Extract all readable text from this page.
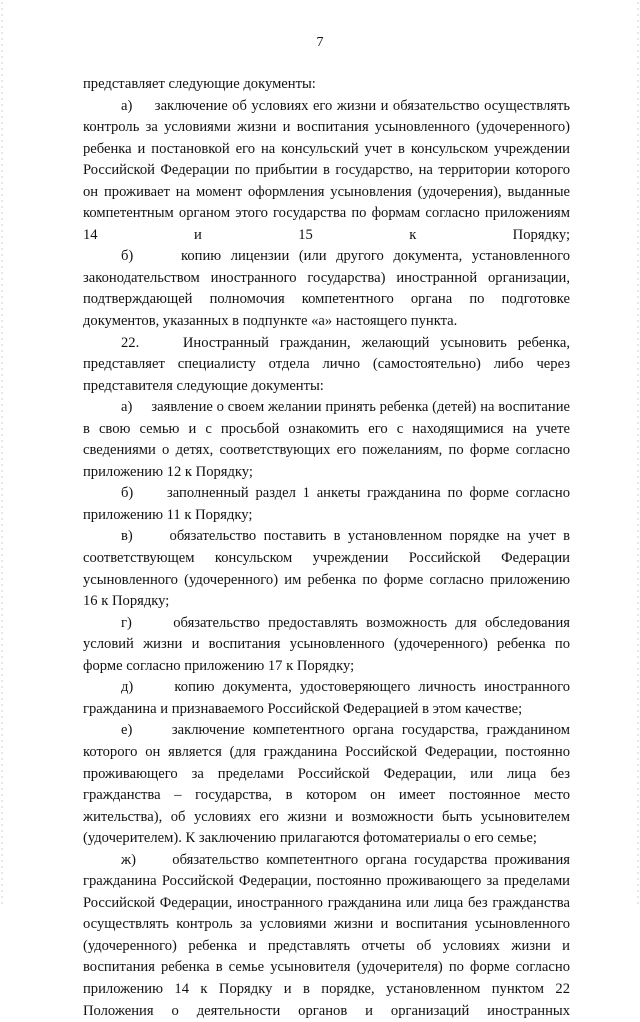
7

представляет следующие документы:

а)     заключение об условиях его жизни и обязательство осуществлять контроль за условиями жизни и воспитания усыновленного (удочеренного) ребенка и постановкой его на консульский учет в консульском учреждении Российской Федерации по прибытии в государство, на территории которого он проживает на момент оформления усыновления (удочерения), выданные компетентным органом этого государства по формам согласно приложениям 14 и 15 к Порядку;

б)     копию лицензии (или другого документа, установленного законодательством иностранного государства) иностранной организации, подтверждающей полномочия компетентного органа по подготовке документов, указанных в подпункте «а» настоящего пункта.

22.    Иностранный гражданин, желающий усыновить ребенка, представляет специалисту отдела лично (самостоятельно) либо через представителя следующие документы:

а)     заявление о своем желании принять ребенка (детей) на воспитание в свою семью и с просьбой ознакомить его с находящимися на учете сведениями о детях, соответствующих его пожеланиям, по форме согласно приложению 12 к Порядку;

б)     заполненный раздел 1 анкеты гражданина по форме согласно приложению 11 к Порядку;

в)     обязательство поставить в установленном порядке на учет в соответствующем консульском учреждении Российской Федерации усыновленного (удочеренного) им ребенка по форме согласно приложению 16 к Порядку;

г)     обязательство предоставлять возможность для обследования условий жизни и воспитания усыновленного (удочеренного) ребенка по форме согласно приложению 17 к Порядку;

д)     копию документа, удостоверяющего личность иностранного гражданина и признаваемого Российской Федерацией в этом качестве;

е)     заключение компетентного органа государства, гражданином которого он является (для гражданина Российской Федерации, постоянно проживающего за пределами Российской Федерации, или лица без гражданства – государства, в котором он имеет постоянное место жительства), об условиях его жизни и возможности быть усыновителем (удочерителем). К заключению прилагаются фотоматериалы о его семье;

ж)     обязательство компетентного органа государства проживания гражданина Российской Федерации, постоянно проживающего за пределами Российской Федерации, иностранного гражданина или лица без гражданства осуществлять контроль за условиями жизни и воспитания усыновленного (удочеренного) ребенка и представлять отчеты об условиях жизни и воспитания ребенка в семье усыновителя (удочерителя) по форме согласно приложению 14 к Порядку и в порядке, установленном пунктом 22 Положения о деятельности органов и организаций иностранных
